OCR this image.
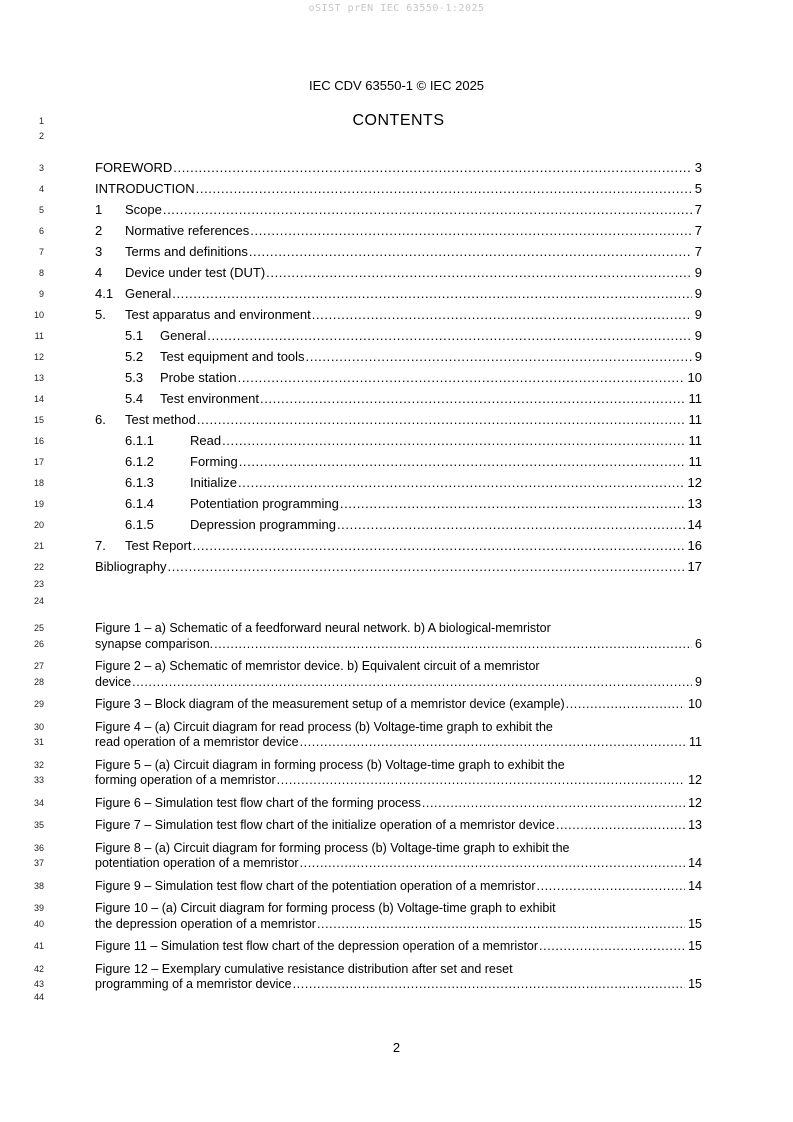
oSIST prEN IEC 63550-1:2025
IEC CDV 63550-1 © IEC 2025
1	CONTENTS
2
3	FOREWORD .....	3
4	INTRODUCTION .....	5
5	1	Scope .....	7
6	2	Normative references .....	7
7	3	Terms and definitions .....	7
8	4	Device under test (DUT) .....	9
9	4.1 General .....	9
10	5.	Test apparatus and environment .....	9
11	5.1	General .....	9
12	5.2	Test equipment and tools .....	9
13	5.3	Probe station .....	10
14	5.4	Test environment .....	11
15	6.	Test method .....	11
16	6.1.1	Read .....	11
17	6.1.2	Forming .....	11
18	6.1.3	Initialize .....	12
19	6.1.4	Potentiation programming .....	13
20	6.1.5	Depression programming .....	14
21	7.	Test Report .....	16
22	Bibliography .....	17
23
24
25	Figure 1 – a) Schematic of a feedforward neural network. b) A biological-memristor
26	synapse comparison. .....	6
27	Figure 2 – a) Schematic of memristor device. b) Equivalent circuit of a memristor
28	device .....	9
29	Figure 3 – Block diagram of the measurement setup of a memristor device (example) .....	10
30	Figure 4 – (a) Circuit diagram for read process (b) Voltage-time graph to exhibit the
31	read operation of a memristor device .....	11
32	Figure 5 – (a) Circuit diagram in forming process (b) Voltage-time graph to exhibit the
33	forming operation of a memristor .....	12
34	Figure 6 – Simulation test flow chart of the forming process .....	12
35	Figure 7 – Simulation test flow chart of the initialize operation of a memristor device .....	13
36	Figure 8 – (a) Circuit diagram for forming process (b) Voltage-time graph to exhibit the
37	potentiation operation of a memristor .....	14
38	Figure 9 – Simulation test flow chart of the potentiation operation of a memristor .....	14
39	Figure 10 – (a) Circuit diagram for forming process (b) Voltage-time graph to exhibit
40	the depression operation of a memristor .....	15
41	Figure 11 – Simulation test flow chart of the depression operation of a memristor .....	15
42	Figure 12 – Exemplary cumulative resistance distribution after set and reset
43	programming of a memristor device .....	15
44
2
